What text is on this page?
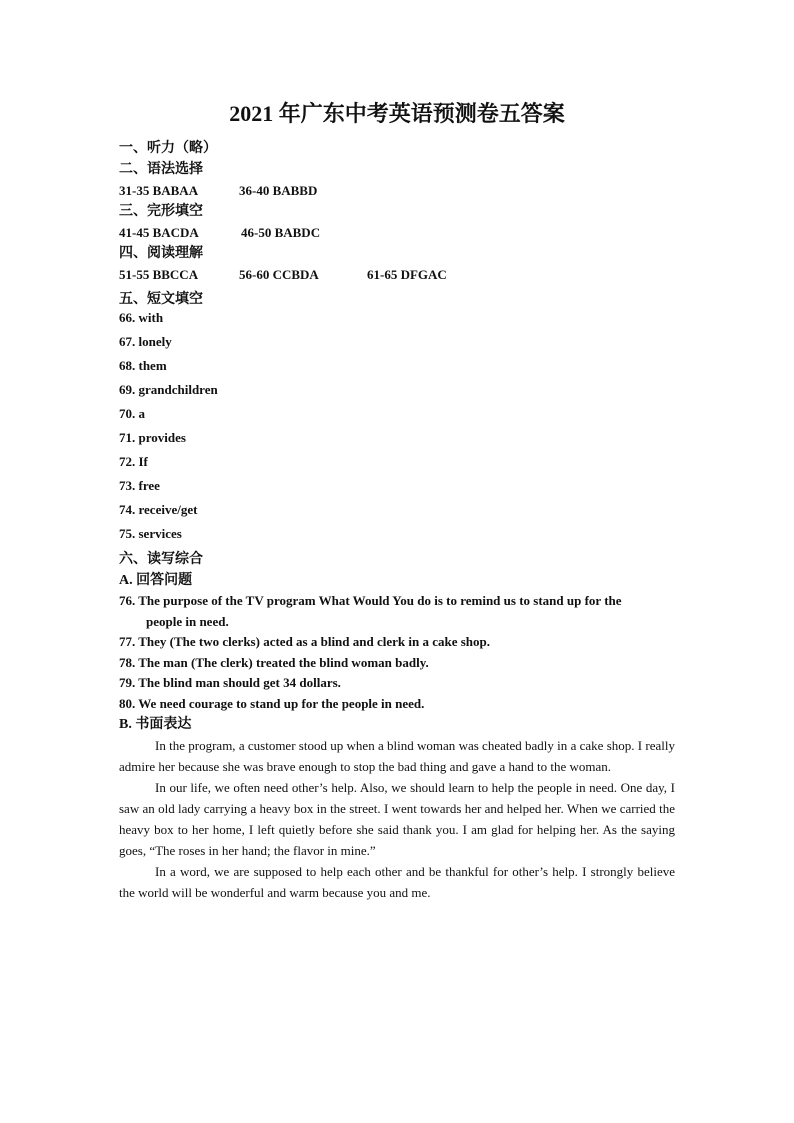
2021 年广东中考英语预测卷五答案
一、听力（略）
二、语法选择
31-35 BABAA	36-40 BABBD
三、完形填空
41-45 BACDA	46-50 BABDC
四、阅读理解
51-55 BBCCA	56-60 CCBDA	61-65 DFGAC
五、短文填空
66. with
67. lonely
68. them
69. grandchildren
70. a
71. provides
72. If
73. free
74. receive/get
75. services
六、读写综合
A. 回答问题
76. The purpose of the TV program What Would You do is to remind us to stand up for the
people in need.
77. They (The two clerks) acted as a blind and clerk in a cake shop.
78. The man (The clerk) treated the blind woman badly.
79. The blind man should get 34 dollars.
80. We need courage to stand up for the people in need.
B. 书面表达

In the program, a customer stood up when a blind woman was cheated badly in a cake shop. I really admire her because she was brave enough to stop the bad thing and gave a hand to the woman.

In our life, we often need other’s help. Also, we should learn to help the people in need. One day, I saw an old lady carrying a heavy box in the street. I went towards her and helped her. When we carried the heavy box to her home, I left quietly before she said thank you. I am glad for helping her. As the saying goes, “The roses in her hand; the flavor in mine.”

In a word, we are supposed to help each other and be thankful for other’s help. I strongly believe the world will be wonderful and warm because you and me.
